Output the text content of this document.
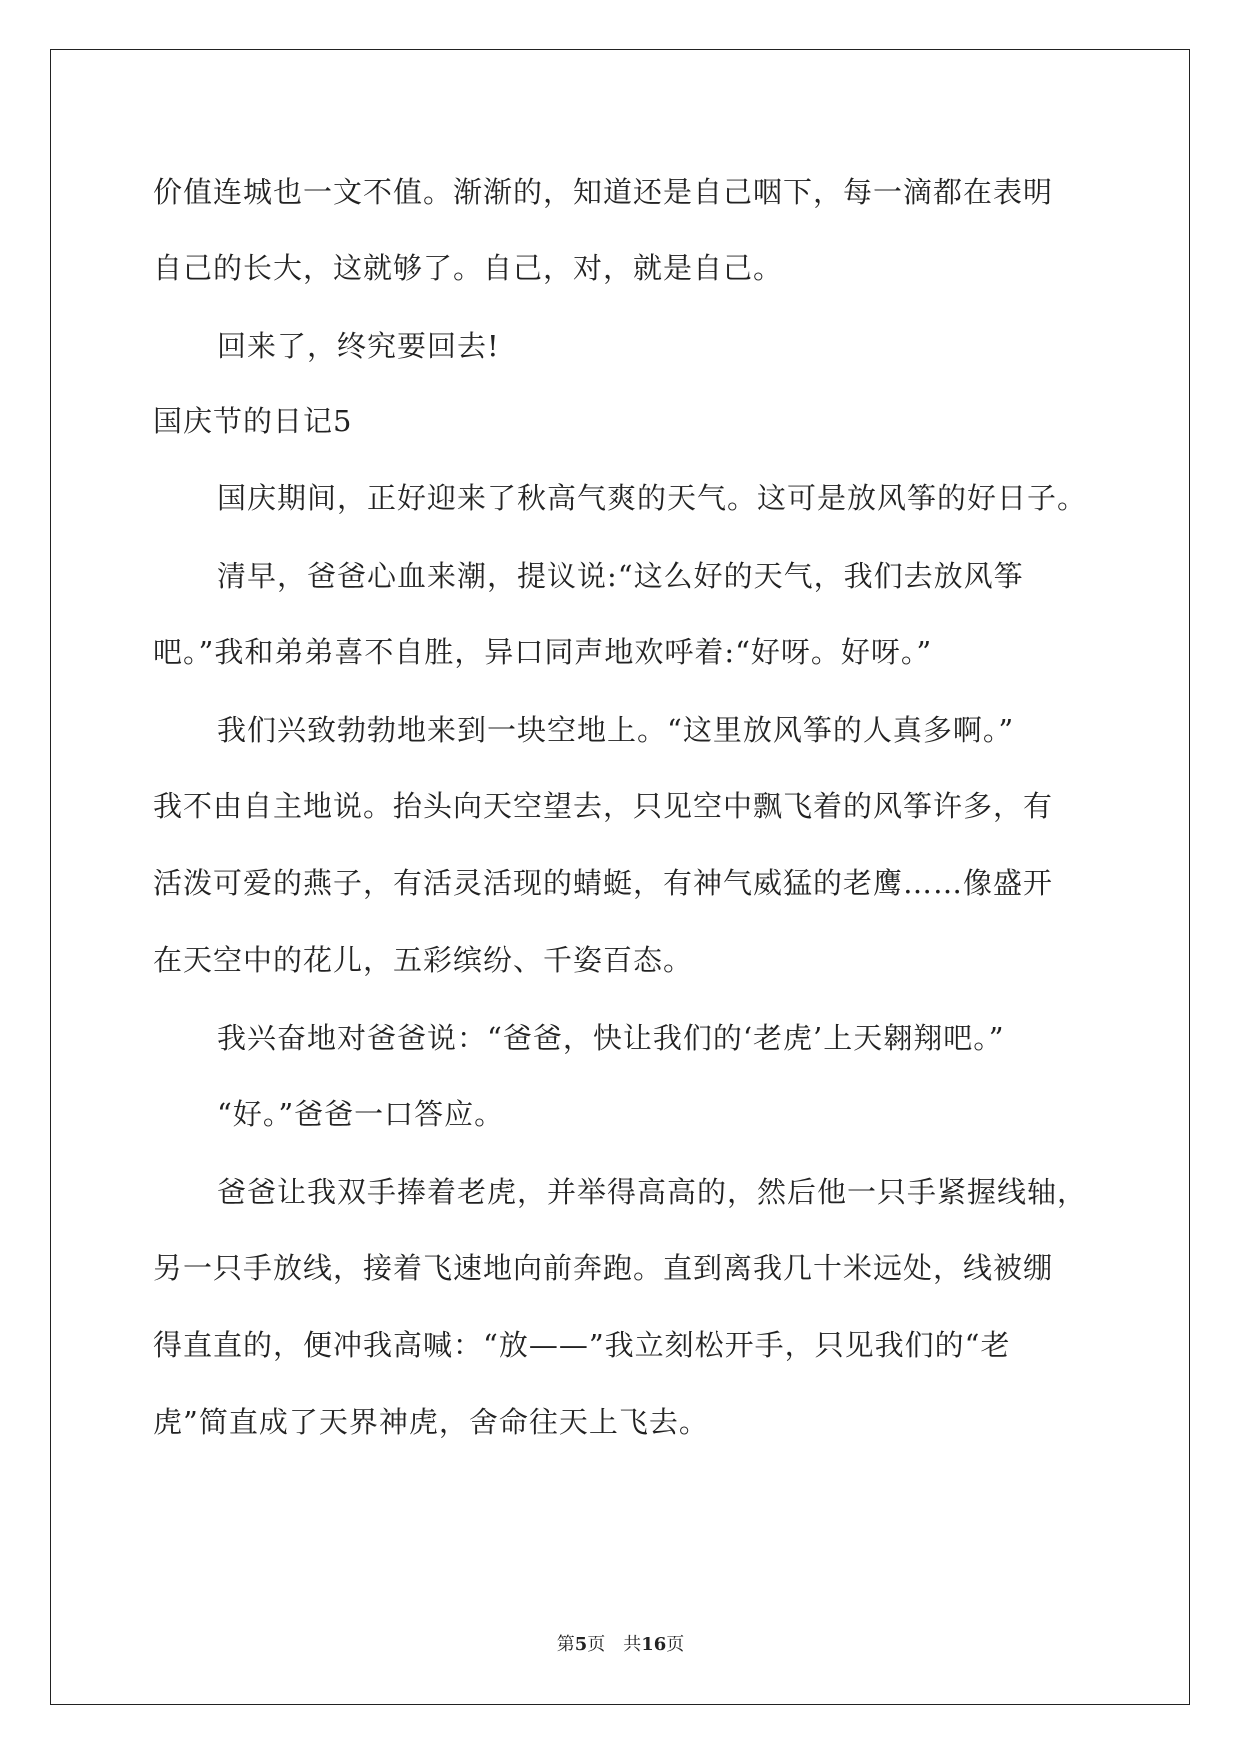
价值连城也一文不值。渐渐的，知道还是自己咽下，每一滴都在表明
自己的长大，这就够了。自己，对，就是自己。
回来了，终究要回去!
国庆节的日记5
国庆期间，正好迎来了秋高气爽的天气。这可是放风筝的好日子。
清早，爸爸心血来潮，提议说:“这么好的天气，我们去放风筝
吧。”我和弟弟喜不自胜，异口同声地欢呼着:“好呀。好呀。”
我们兴致勃勃地来到一块空地上。“这里放风筝的人真多啊。”
我不由自主地说。抬头向天空望去，只见空中飘飞着的风筝许多，有
活泼可爱的燕子，有活灵活现的蜻蜓，有神气威猛的老鹰……像盛开
在天空中的花儿，五彩缤纷、千姿百态。
我兴奋地对爸爸说：“爸爸，快让我们的‘老虎’上天翱翔吧。”
“好。”爸爸一口答应。
爸爸让我双手捧着老虎，并举得高高的，然后他一只手紧握线轴，
另一只手放线，接着飞速地向前奔跑。直到离我几十米远处，线被绷
得直直的，便冲我高喊：“放——”我立刻松开手，只见我们的“老
虎”简直成了天界神虎，舍命往天上飞去。
第5页　共16页
